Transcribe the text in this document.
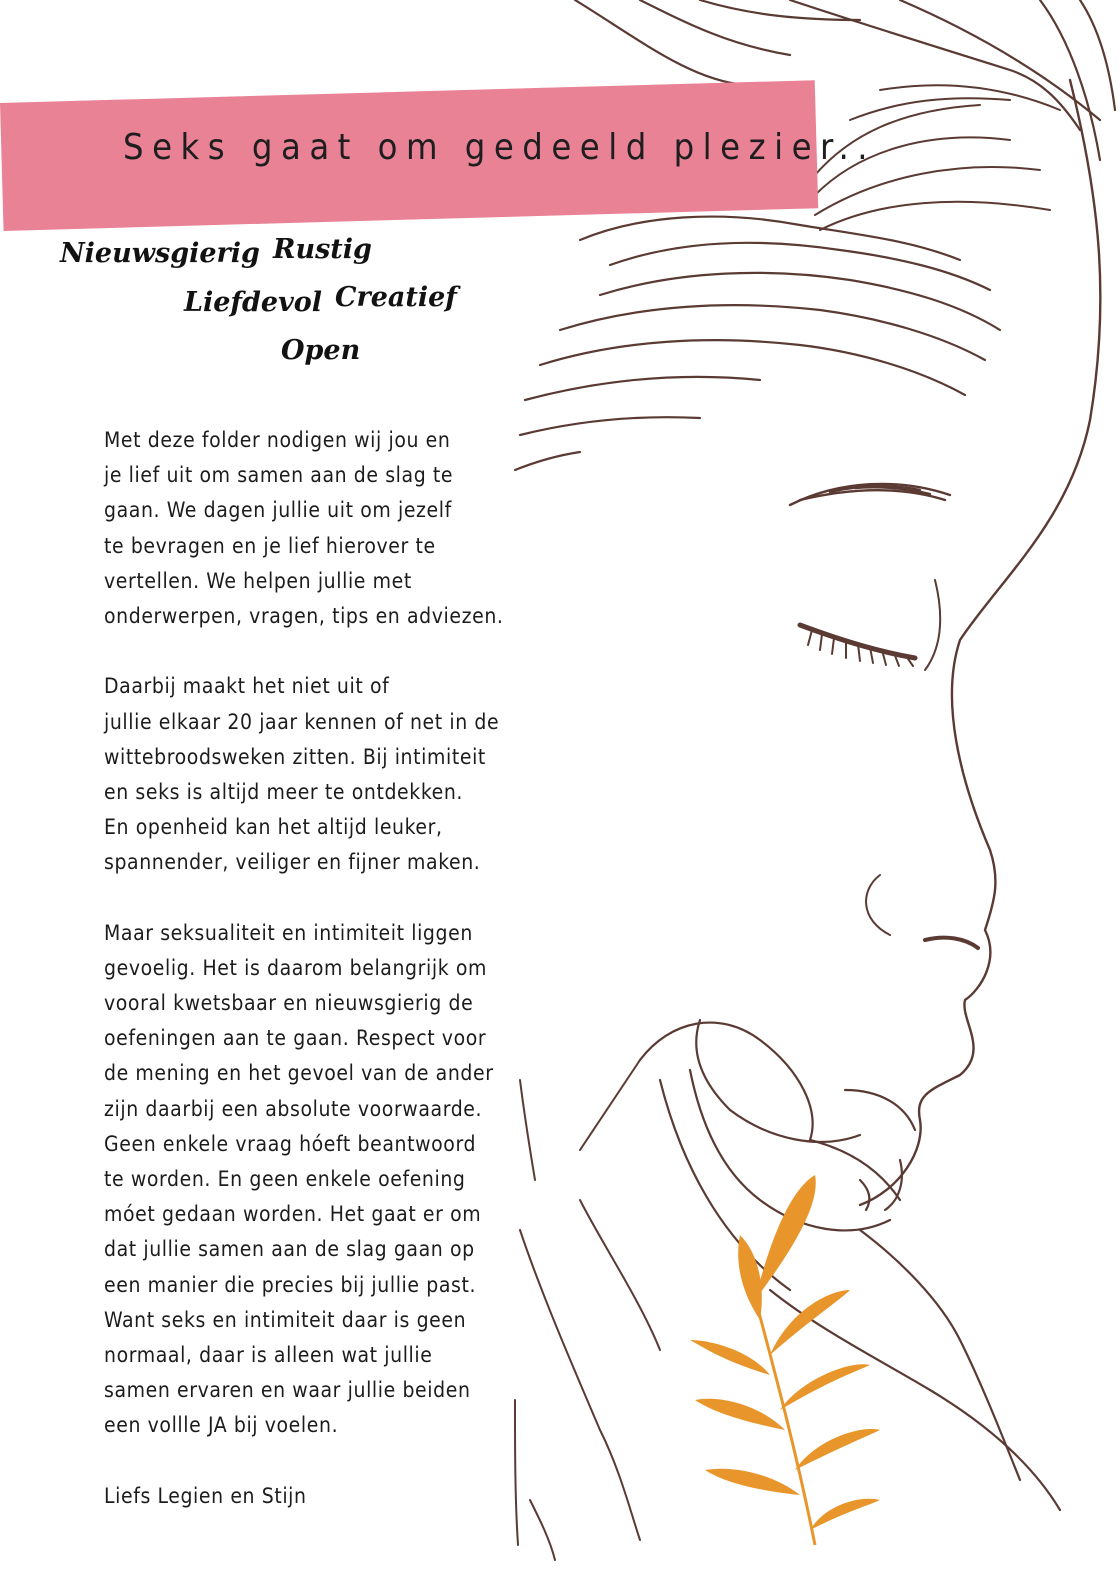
Seks gaat om gedeeld plezier..
Nieuwsgierig Rustig
Liefdevol Creatief
Open
Met deze folder nodigen wij jou en
je lief uit om samen aan de slag te
gaan. We dagen jullie uit om jezelf
te bevragen en je lief hierover te
vertellen. We helpen jullie met
onderwerpen, vragen, tips en adviezen.
Daarbij maakt het niet uit of
jullie elkaar 20 jaar kennen of net in de
wittebroodsweken zitten. Bij intimiteit
en seks is altijd meer te ontdekken.
En openheid kan het altijd leuker,
spannender, veiliger en fijner maken.
Maar seksualiteit en intimiteit liggen
gevoelig. Het is daarom belangrijk om
vooral kwetsbaar en nieuwsgierig de
oefeningen aan te gaan. Respect voor
de mening en het gevoel van de ander
zijn daarbij een absolute voorwaarde.
Geen enkele vraag hóeft beantwoord
te worden. En geen enkele oefening
móet gedaan worden. Het gaat er om
dat jullie samen aan de slag gaan op
een manier die precies bij jullie past.
Want seks en intimiteit daar is geen
normaal, daar is alleen wat jullie
samen ervaren en waar jullie beiden
een vollle JA bij voelen.
Liefs Legien en Stijn
